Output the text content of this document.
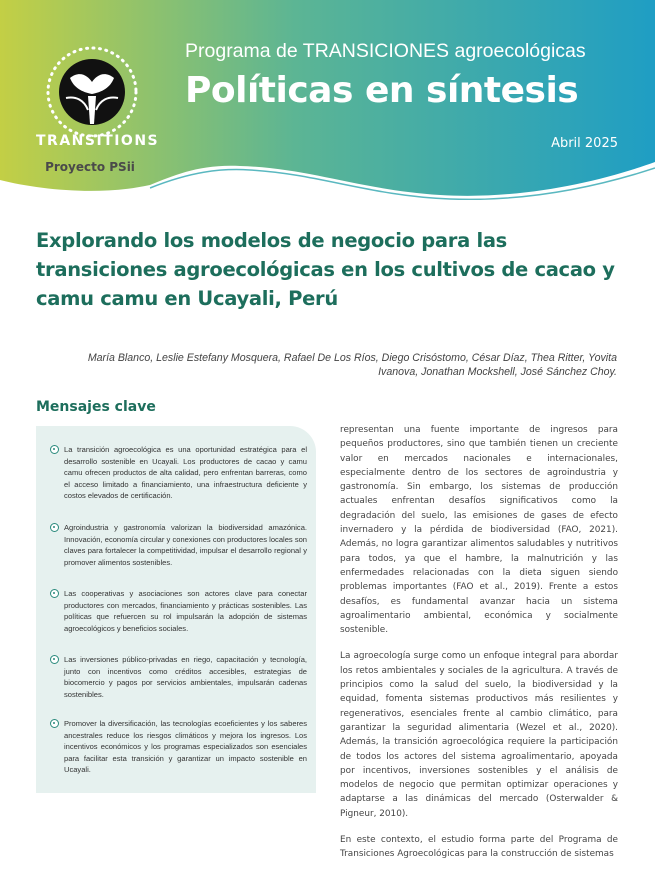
TRANSITIONS
Proyecto PSii
Programa de TRANSICIONES agroecológicas
Políticas en síntesis
Abril 2025
Explorando los modelos de negocio para las transiciones agroecológicas en los cultivos de cacao y camu camu en Ucayali, Perú
María Blanco, Leslie Estefany Mosquera, Rafael De Los Ríos, Diego Crisóstomo, César Díaz, Thea Ritter, Yovita Ivanova, Jonathan Mockshell, José Sánchez Choy.
Mensajes clave
La transición agroecológica es una oportunidad estratégica para el desarrollo sostenible en Ucayali. Los productores de cacao y camu camu ofrecen productos de alta calidad, pero enfrentan barreras, como el acceso limitado a financiamiento, una infraestructura deficiente y costos elevados de certificación.
Agroindustria y gastronomía valorizan la biodiversidad amazónica. Innovación, economía circular y conexiones con productores locales son claves para fortalecer la competitividad, impulsar el desarrollo regional y promover alimentos sostenibles.
Las cooperativas y asociaciones son actores clave para conectar productores con mercados, financiamiento y prácticas sostenibles. Las políticas que refuercen su rol impulsarán la adopción de sistemas agroecológicos y beneficios sociales.
Las inversiones público-privadas en riego, capacitación y tecnología, junto con incentivos como créditos accesibles, estrategias de biocomercio y pagos por servicios ambientales, impulsarán cadenas sostenibles.
Promover la diversificación, las tecnologías ecoeficientes y los saberes ancestrales reduce los riesgos climáticos y mejora los ingresos. Los incentivos económicos y los programas especializados son esenciales para facilitar esta transición y garantizar un impacto sostenible en Ucayali.

representan una fuente importante de ingresos para pequeños productores, sino que también tienen un creciente valor en mercados nacionales e internacionales, especialmente dentro de los sectores de agroindustria y gastronomía. Sin embargo, los sistemas de producción actuales enfrentan desafíos significativos como la degradación del suelo, las emisiones de gases de efecto invernadero y la pérdida de biodiversidad (FAO, 2021). Además, no logra garantizar alimentos saludables y nutritivos para todos, ya que el hambre, la malnutrición y las enfermedades relacionadas con la dieta siguen siendo problemas importantes (FAO et al., 2019). Frente a estos desafíos, es fundamental avanzar hacia un sistema agroalimentario ambiental, económica y socialmente sostenible.

La agroecología surge como un enfoque integral para abordar los retos ambientales y sociales de la agricultura. A través de principios como la salud del suelo, la biodiversidad y la equidad, fomenta sistemas productivos más resilientes y regenerativos, esenciales frente al cambio climático, para garantizar la seguridad alimentaria (Wezel et al., 2020). Además, la transición agroecológica requiere la participación de todos los actores del sistema agroalimentario, apoyada por incentivos, inversiones sostenibles y el análisis de modelos de negocio que permitan optimizar operaciones y adaptarse a las dinámicas del mercado (Osterwalder & Pigneur, 2010).

En este contexto, el estudio forma parte del Programa de Transiciones Agroecológicas para la construcción de sistemas
